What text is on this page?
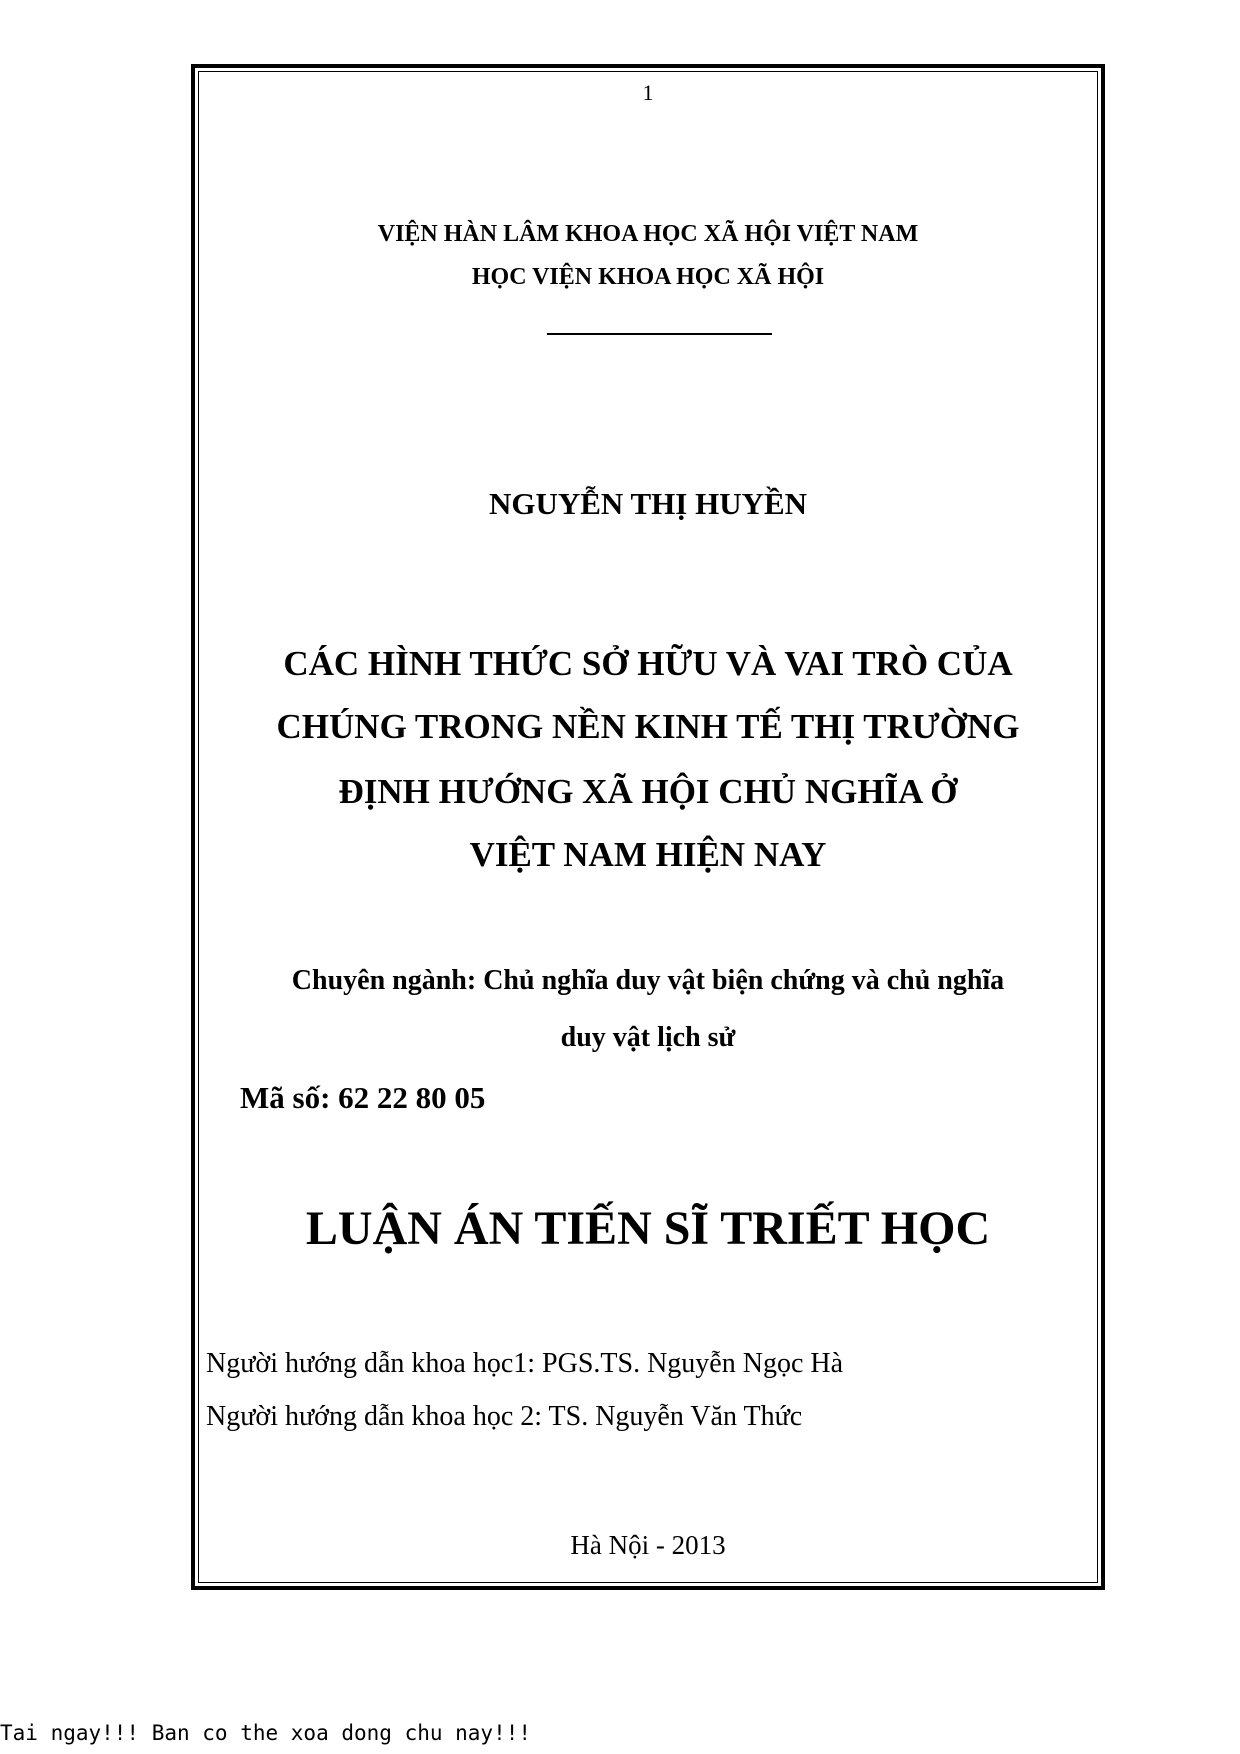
1
VIỆN HÀN LÂM KHOA HỌC XÃ HỘI VIỆT NAM
HỌC VIỆN KHOA HỌC XÃ HỘI
NGUYỄN THỊ HUYỀN
CÁC HÌNH THỨC SỞ HỮU VÀ VAI TRÒ CỦA
CHÚNG TRONG NỀN KINH TẾ THỊ TRƯỜNG
ĐỊNH HƯỚNG XÃ HỘI CHỦ NGHĨA Ở
VIỆT NAM HIỆN NAY
Chuyên ngành: Chủ nghĩa duy vật biện chứng và chủ nghĩa
duy vật lịch sử
Mã số: 62 22 80 05
LUẬN ÁN TIẾN SĨ TRIẾT HỌC
Người hướng dẫn khoa học1: PGS.TS. Nguyễn Ngọc Hà
Người hướng dẫn khoa học 2: TS. Nguyễn Văn Thức
Hà Nội - 2013
Tai ngay!!! Ban co the xoa dong chu nay!!!
